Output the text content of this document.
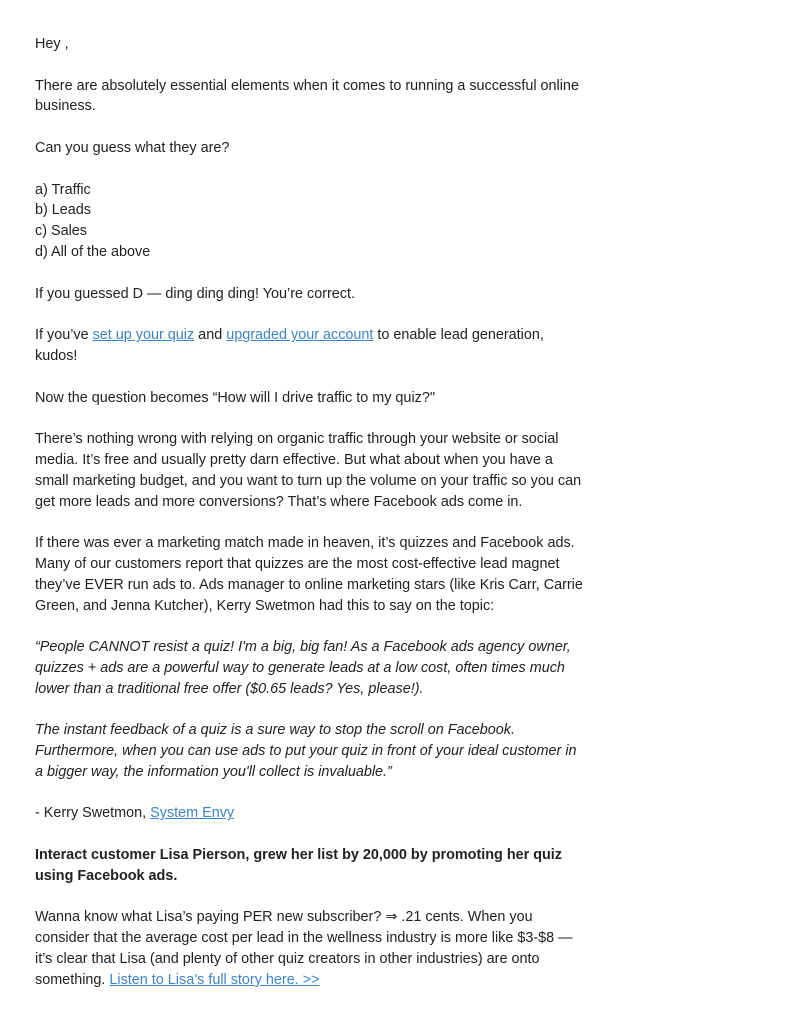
Hey ,

There are absolutely essential elements when it comes to running a successful online business.

Can you guess what they are?

a) Traffic
b) Leads
c) Sales
d) All of the above

If you guessed D — ding ding ding! You’re correct.

If you’ve set up your quiz and upgraded your account to enable lead generation, kudos!

Now the question becomes “How will I drive traffic to my quiz?"

There’s nothing wrong with relying on organic traffic through your website or social media. It’s free and usually pretty darn effective. But what about when you have a small marketing budget, and you want to turn up the volume on your traffic so you can get more leads and more conversions? That’s where Facebook ads come in.

If there was ever a marketing match made in heaven, it’s quizzes and Facebook ads. Many of our customers report that quizzes are the most cost-effective lead magnet they’ve EVER run ads to. Ads manager to online marketing stars (like Kris Carr, Carrie Green, and Jenna Kutcher), Kerry Swetmon had this to say on the topic:

“People CANNOT resist a quiz! I'm a big, big fan! As a Facebook ads agency owner, quizzes + ads are a powerful way to generate leads at a low cost, often times much lower than a traditional free offer ($0.65 leads? Yes, please!).

The instant feedback of a quiz is a sure way to stop the scroll on Facebook. Furthermore, when you can use ads to put your quiz in front of your ideal customer in a bigger way, the information you'll collect is invaluable.”

- Kerry Swetmon, System Envy

Interact customer Lisa Pierson, grew her list by 20,000 by promoting her quiz using Facebook ads.

Wanna know what Lisa’s paying PER new subscriber? ⇒ .21 cents. When you consider that the average cost per lead in the wellness industry is more like $3-$8 — it’s clear that Lisa (and plenty of other quiz creators in other industries) are onto something. Listen to Lisa’s full story here. >>
